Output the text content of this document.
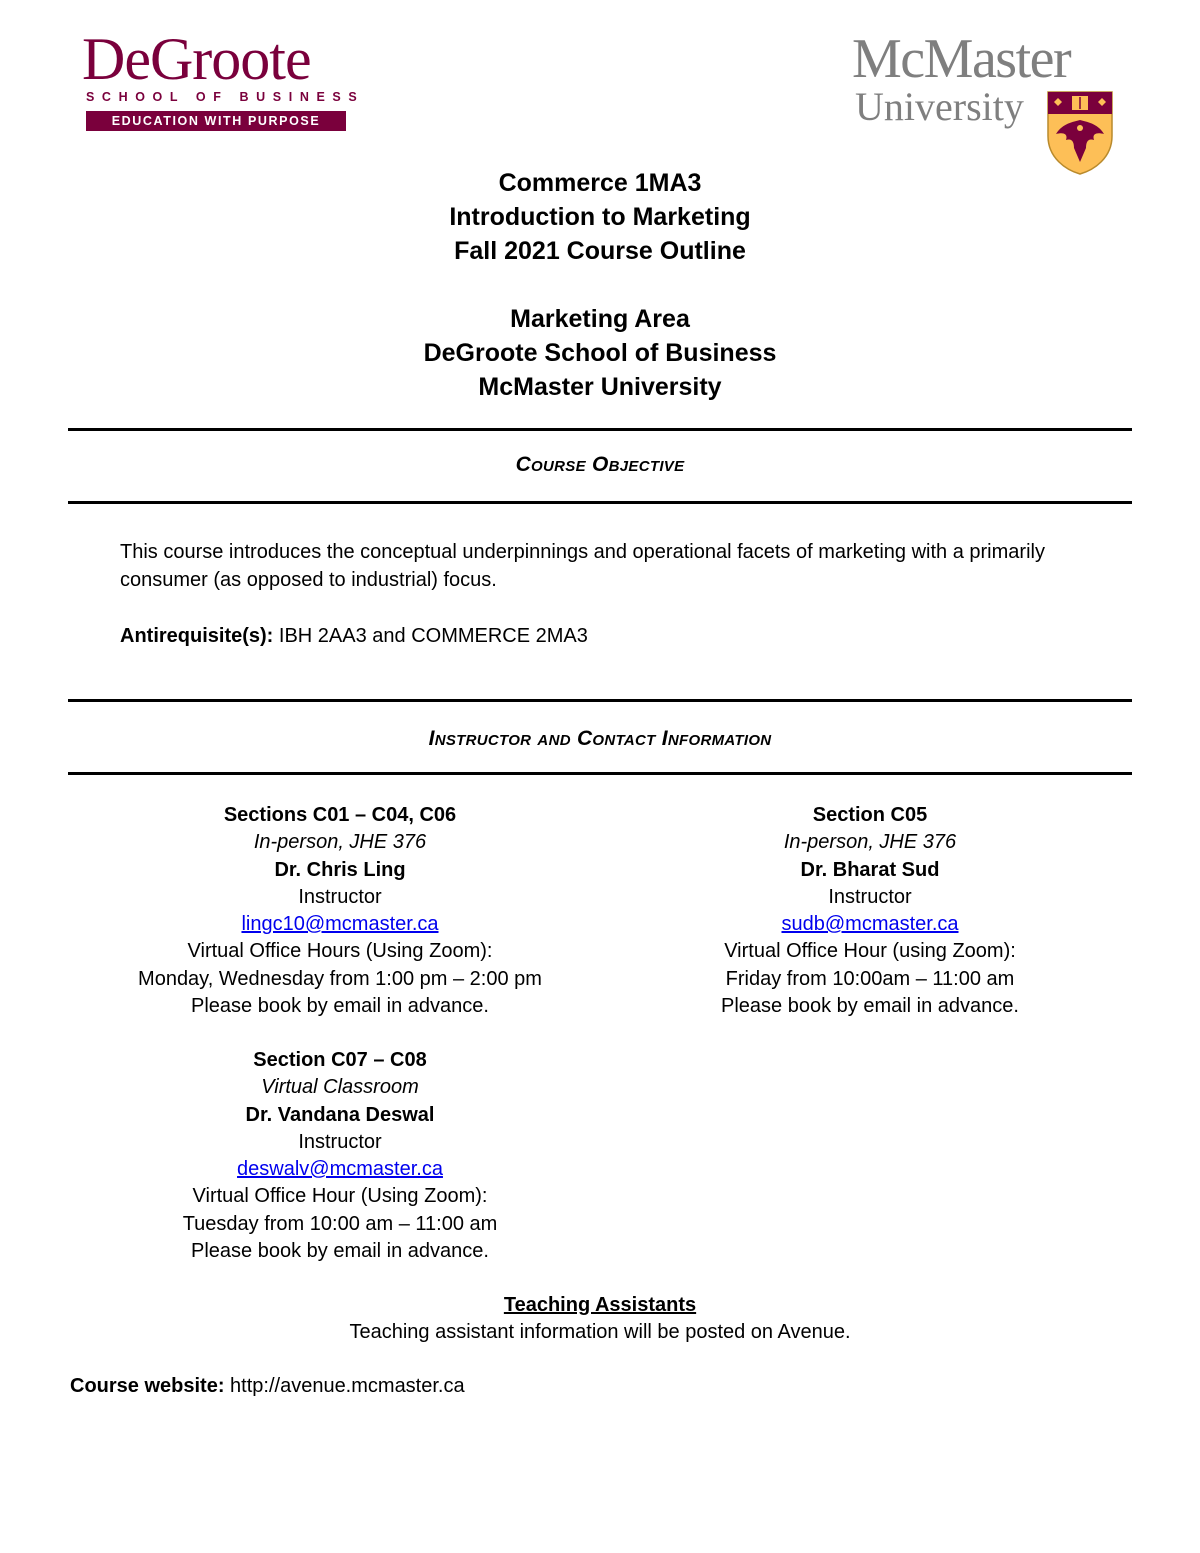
DeGroote
SCHOOL OF BUSINESS
EDUCATION WITH PURPOSE
McMaster
University
Commerce 1MA3
Introduction to Marketing
Fall 2021 Course Outline
Marketing Area
DeGroote School of Business
McMaster University
Course Objective
This course introduces the conceptual underpinnings and operational facets of marketing with a primarily consumer (as opposed to industrial) focus.
Antirequisite(s): IBH 2AA3 and COMMERCE 2MA3
Instructor and Contact Information
Sections C01 – C04, C06
In-person, JHE 376
Dr. Chris Ling
Instructor
lingc10@mcmaster.ca
Virtual Office Hours (Using Zoom):
Monday, Wednesday from 1:00 pm – 2:00 pm
Please book by email in advance.
Section C05
In-person, JHE 376
Dr. Bharat Sud
Instructor
sudb@mcmaster.ca
Virtual Office Hour (using Zoom):
Friday from 10:00am – 11:00 am
Please book by email in advance.
Section C07 – C08
Virtual Classroom
Dr. Vandana Deswal
Instructor
deswalv@mcmaster.ca
Virtual Office Hour (Using Zoom):
Tuesday from 10:00 am – 11:00 am
Please book by email in advance.
Teaching Assistants
Teaching assistant information will be posted on Avenue.
Course website: http://avenue.mcmaster.ca
